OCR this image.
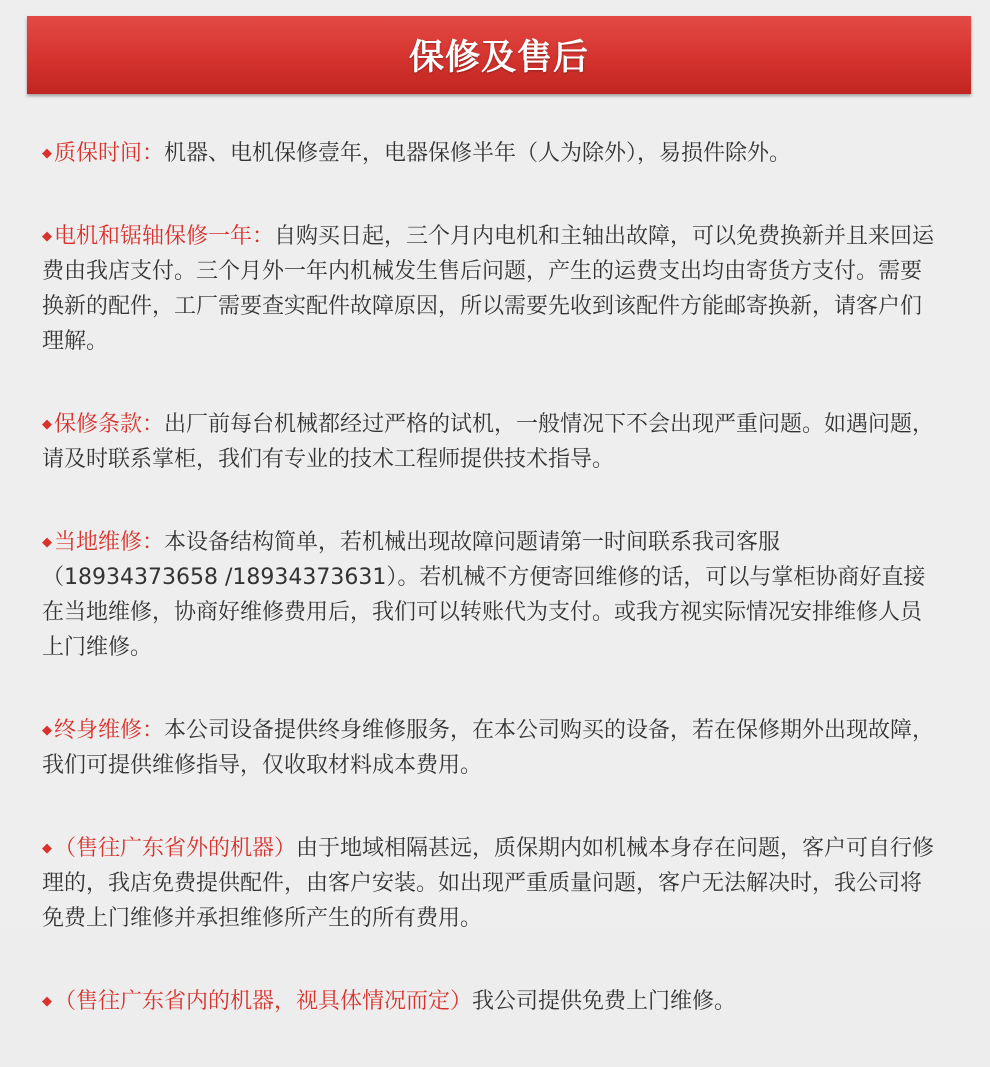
保修及售后

◆质保时间：机器、电机保修壹年，电器保修半年（人为除外），易损件除外。

◆电机和锯轴保修一年：自购买日起，三个月内电机和主轴出故障，可以免费换新并且来回运费由我店支付。三个月外一年内机械发生售后问题，产生的运费支出均由寄货方支付。需要换新的配件，工厂需要查实配件故障原因，所以需要先收到该配件方能邮寄换新，请客户们理解。

◆保修条款：出厂前每台机械都经过严格的试机，一般情况下不会出现严重问题。如遇问题，请及时联系掌柜，我们有专业的技术工程师提供技术指导。

◆当地维修：本设备结构简单，若机械出现故障问题请第一时间联系我司客服（18934373658 /18934373631）。若机械不方便寄回维修的话，可以与掌柜协商好直接在当地维修，协商好维修费用后，我们可以转账代为支付。或我方视实际情况安排维修人员上门维修。

◆终身维修：本公司设备提供终身维修服务，在本公司购买的设备，若在保修期外出现故障，我们可提供维修指导，仅收取材料成本费用。

◆（售往广东省外的机器）由于地域相隔甚远，质保期内如机械本身存在问题，客户可自行修理的，我店免费提供配件，由客户安装。如出现严重质量问题，客户无法解决时，我公司将免费上门维修并承担维修所产生的所有费用。

◆（售往广东省内的机器，视具体情况而定）我公司提供免费上门维修。
